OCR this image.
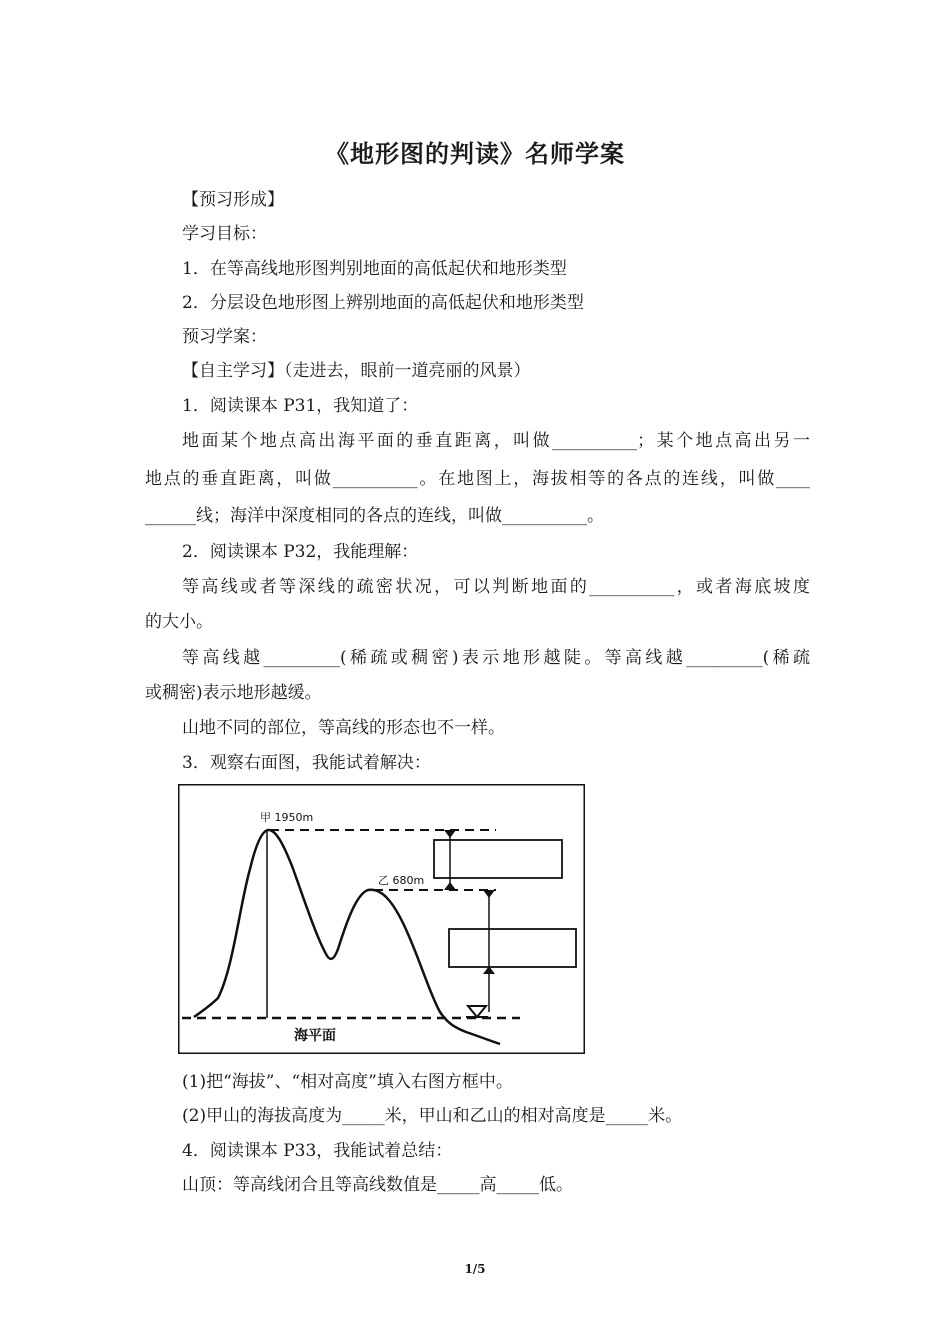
《地形图的判读》名师学案
【预习形成】
学习目标：
1．在等高线地形图判别地面的高低起伏和地形类型
2．分层设色地形图上辨别地面的高低起伏和地形类型
预习学案：
【自主学习】（走进去，眼前一道亮丽的风景）
1．阅读课本 P31，我知道了：
地面某个地点高出海平面的垂直距离，叫做__________；某个地点高出另一
地点的垂直距离，叫做__________。在地图上，海拔相等的各点的连线，叫做____
______线；海洋中深度相同的各点的连线，叫做__________。
2．阅读课本 P32，我能理解：
等高线或者等深线的疏密状况，可以判断地面的__________，或者海底坡度
的大小。
等高线越_________(稀疏或稠密)表示地形越陡。等高线越_________(稀疏
或稠密)表示地形越缓。
山地不同的部位，等高线的形态也不一样。
3．观察右面图，我能试着解决：
甲 1950m
乙 680m
海平面
(1)把“海拔”、“相对高度”填入右图方框中。
(2)甲山的海拔高度为_____米，甲山和乙山的相对高度是_____米。
4．阅读课本 P33，我能试着总结：
山顶：等高线闭合且等高线数值是_____高_____低。
1/5
